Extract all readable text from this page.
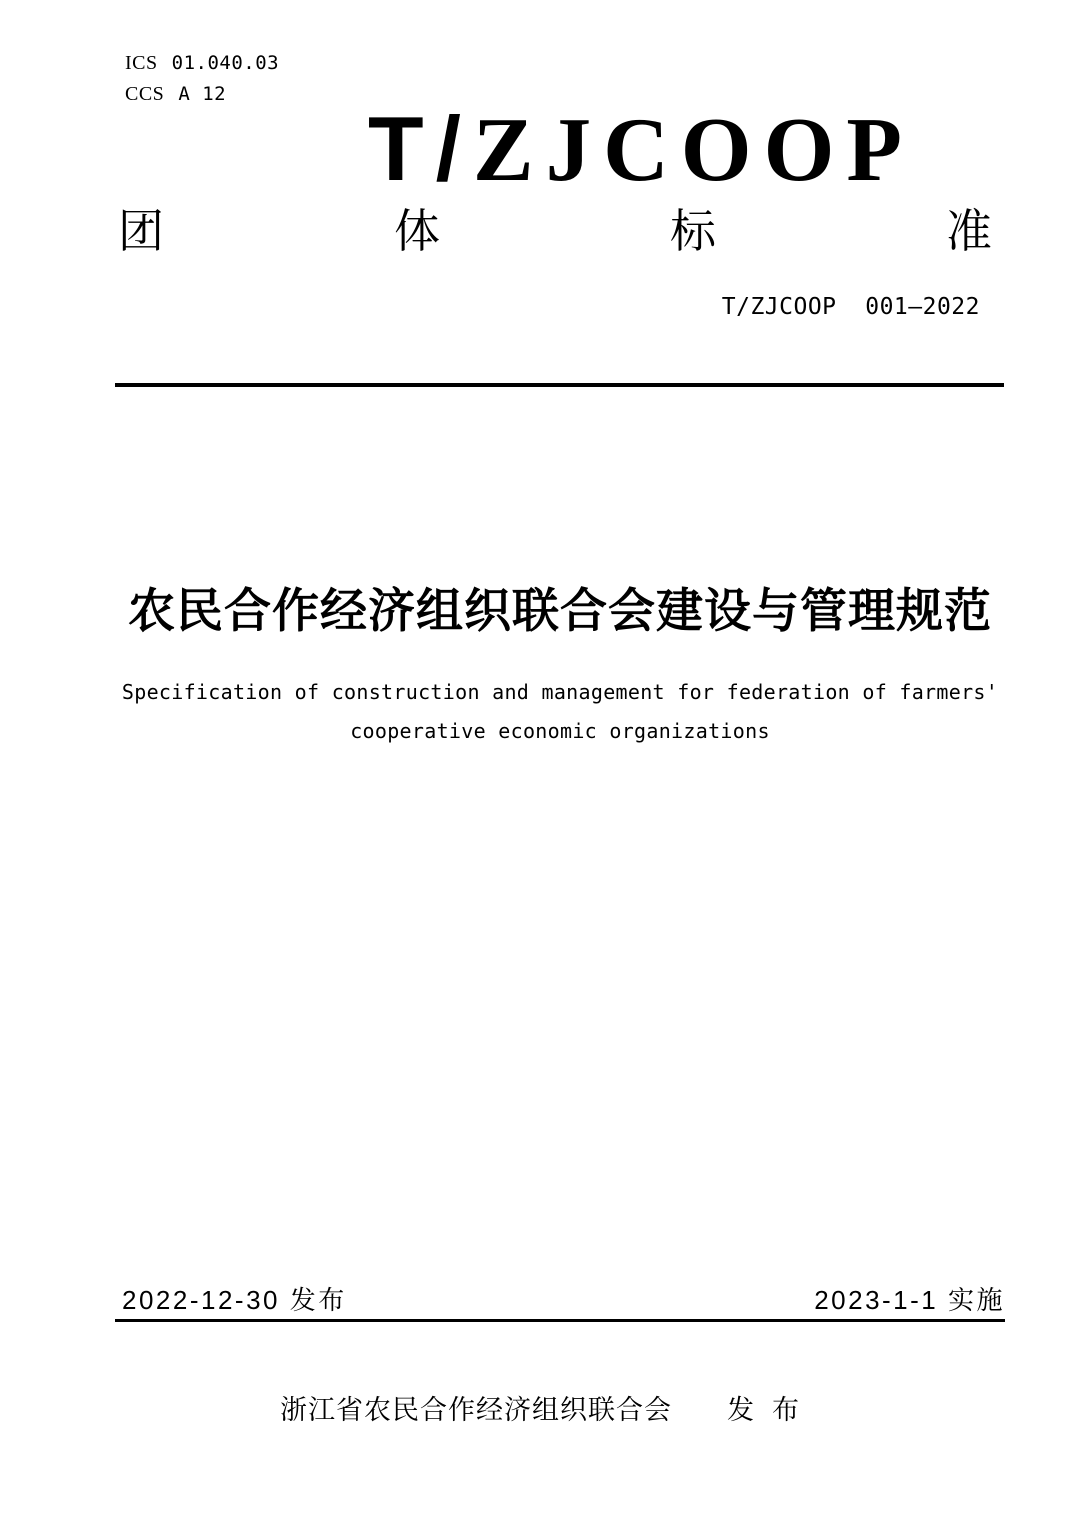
ICS 01.040.03
CCS A 12
T/ZJCOOP
团	体	标	准
T/ZJCOOP  001—2022
农民合作经济组织联合会建设与管理规范
Specification of construction and management for federation of farmers'
cooperative economic organizations
2022-12-30 发布	2023-1-1 实施
浙江省农民合作经济组织联合会 发  布
